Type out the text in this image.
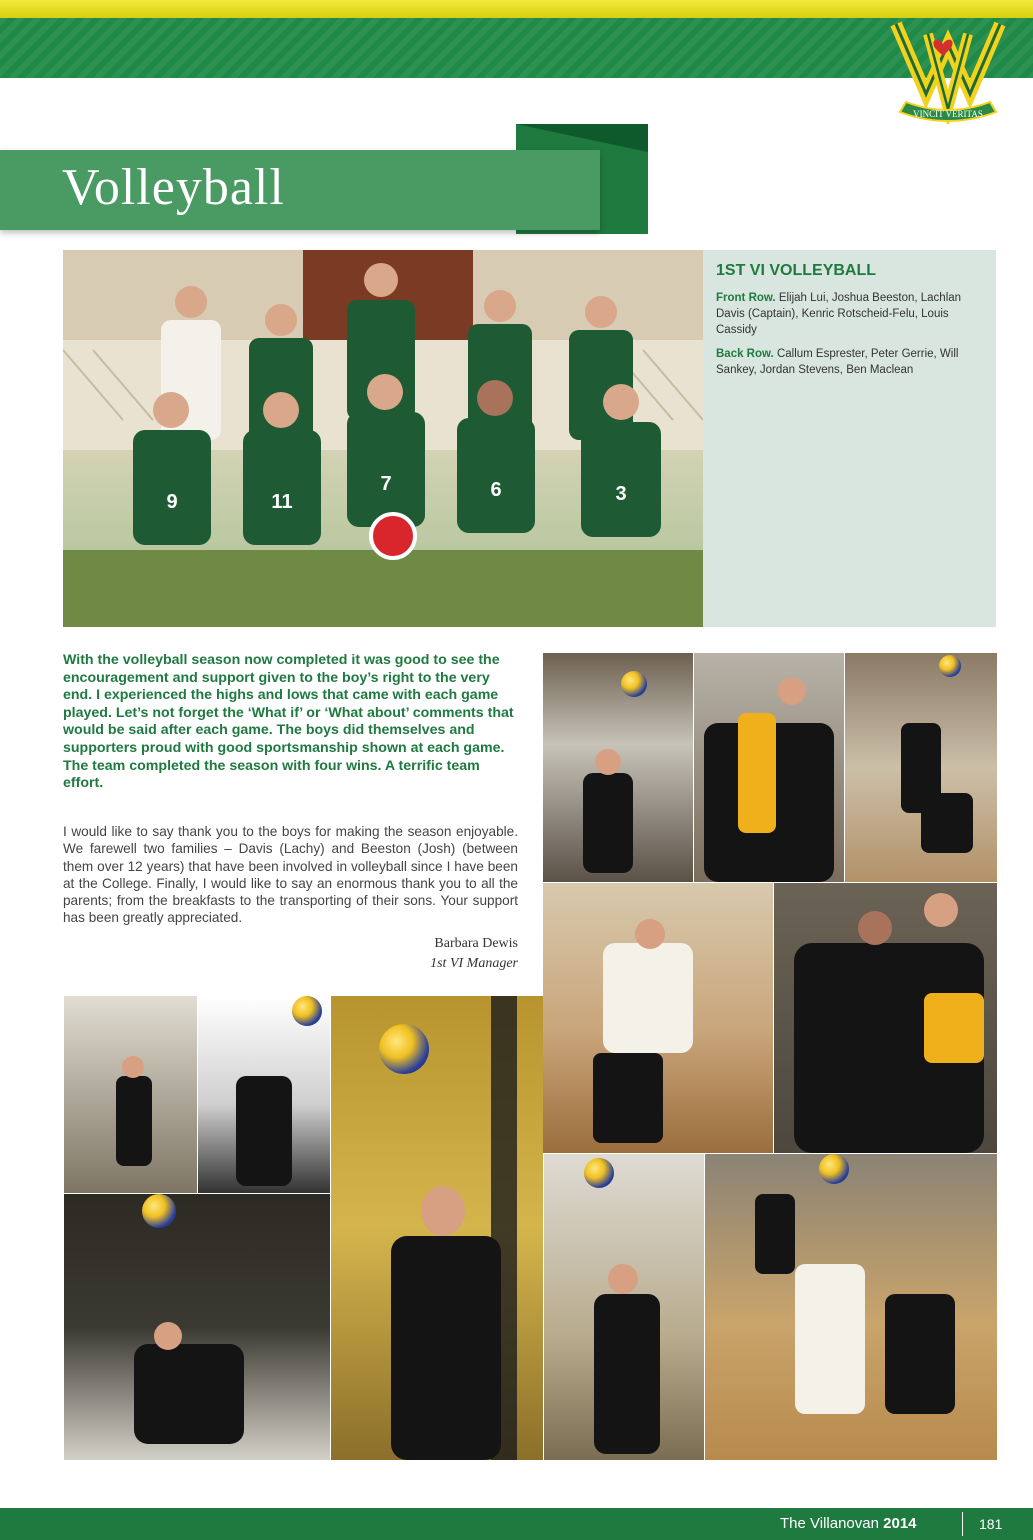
VINCIT VERITAS
Volleyball
9	11
7	6	3
1ST VI VOLLEYBALL
Front Row. Elijah Lui, Joshua Beeston, Lachlan Davis (Captain), Kenric Rotscheid-Felu, Louis Cassidy
Back Row. Callum Esprester, Peter Gerrie, Will Sankey, Jordan Stevens, Ben Maclean
With the volleyball season now completed it was good to see the encouragement and support given to the boy’s right to the very end. I experienced the highs and lows that came with each game played. Let’s not forget the ‘What if’ or ‘What about’ comments that would be said after each game. The boys did themselves and supporters proud with good sportsmanship shown at each game. The team completed the season with four wins. A terrific team effort.
I would like to say thank you to the boys for making the season enjoyable. We farewell two families – Davis (Lachy) and Beeston (Josh) (between them over 12 years) that have been involved in volleyball since I have been at the College. Finally, I would like to say an enormous thank you to all the parents; from the breakfasts to the transporting of their sons. Your support has been greatly appreciated.
Barbara Dewis
1st VI Manager
The Villanovan 2014	181
